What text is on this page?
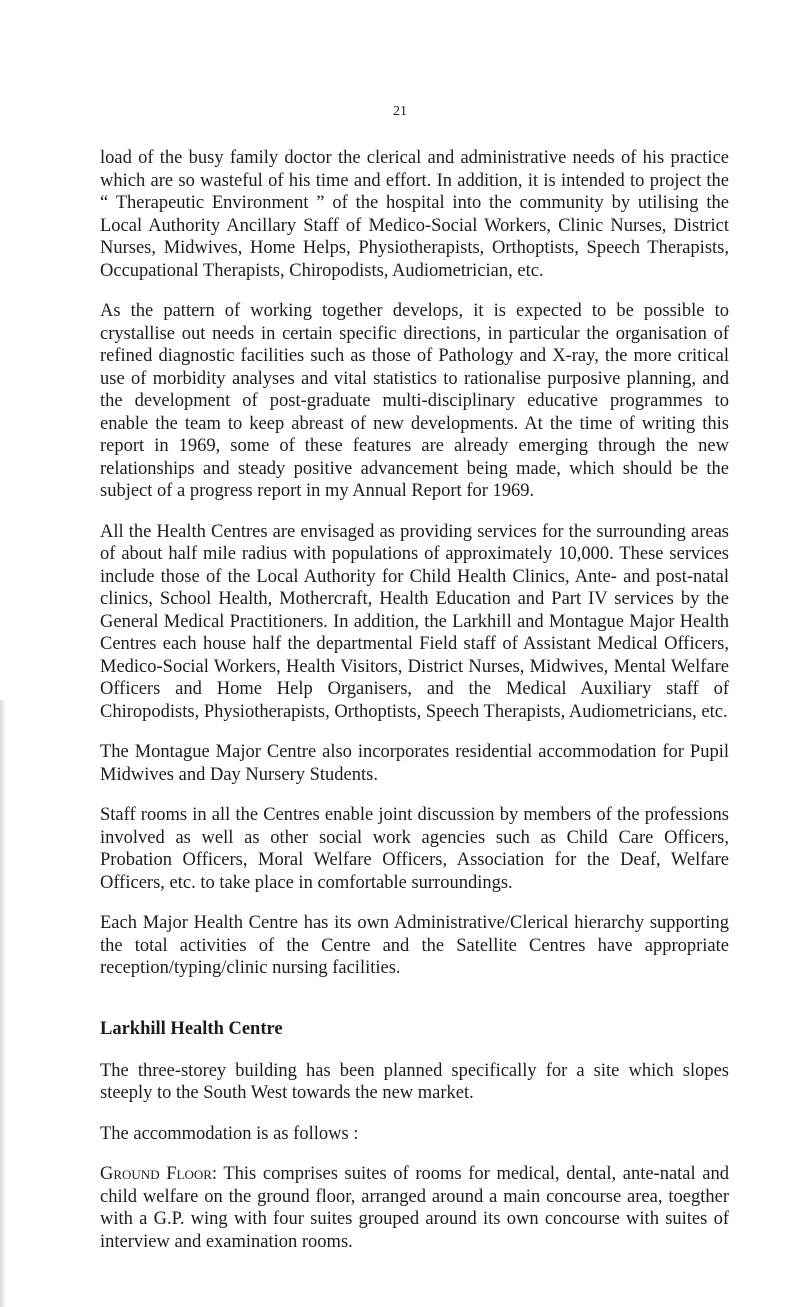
21

load of the busy family doctor the clerical and administrative needs of his practice which are so wasteful of his time and effort. In addition, it is intended to project the “ Therapeutic Environment ” of the hospital into the community by utilising the Local Authority Ancillary Staff of Medico-Social Workers, Clinic Nurses, District Nurses, Midwives, Home Helps, Physiotherapists, Orthoptists, Speech Therapists, Occupational Therapists, Chiropodists, Audiometrician, etc.

As the pattern of working together develops, it is expected to be possible to crystallise out needs in certain specific directions, in particular the organisation of refined diagnostic facilities such as those of Pathology and X-ray, the more critical use of morbidity analyses and vital statistics to rationalise purposive planning, and the development of post-graduate multi-disciplinary educative programmes to enable the team to keep abreast of new developments. At the time of writing this report in 1969, some of these features are already emerging through the new relationships and steady positive advancement being made, which should be the subject of a progress report in my Annual Report for 1969.

All the Health Centres are envisaged as providing services for the surrounding areas of about half mile radius with populations of approximately 10,000. These services include those of the Local Authority for Child Health Clinics, Ante- and post-natal clinics, School Health, Mothercraft, Health Education and Part IV services by the General Medical Practitioners. In addition, the Larkhill and Montague Major Health Centres each house half the departmental Field staff of Assistant Medical Officers, Medico-Social Workers, Health Visitors, District Nurses, Midwives, Mental Welfare Officers and Home Help Organisers, and the Medical Auxiliary staff of Chiropodists, Physiotherapists, Orthoptists, Speech Therapists, Audiometricians, etc.

The Montague Major Centre also incorporates residential accommodation for Pupil Midwives and Day Nursery Students.

Staff rooms in all the Centres enable joint discussion by members of the professions involved as well as other social work agencies such as Child Care Officers, Probation Officers, Moral Welfare Officers, Association for the Deaf, Welfare Officers, etc. to take place in comfortable surroundings.

Each Major Health Centre has its own Administrative/Clerical hierarchy supporting the total activities of the Centre and the Satellite Centres have appropriate reception/typing/clinic nursing facilities.

Larkhill Health Centre

The three-storey building has been planned specifically for a site which slopes steeply to the South West towards the new market.

The accommodation is as follows :

Ground Floor: This comprises suites of rooms for medical, dental, ante-natal and child welfare on the ground floor, arranged around a main concourse area, toegther with a G.P. wing with four suites grouped around its own concourse with suites of interview and examination rooms.
